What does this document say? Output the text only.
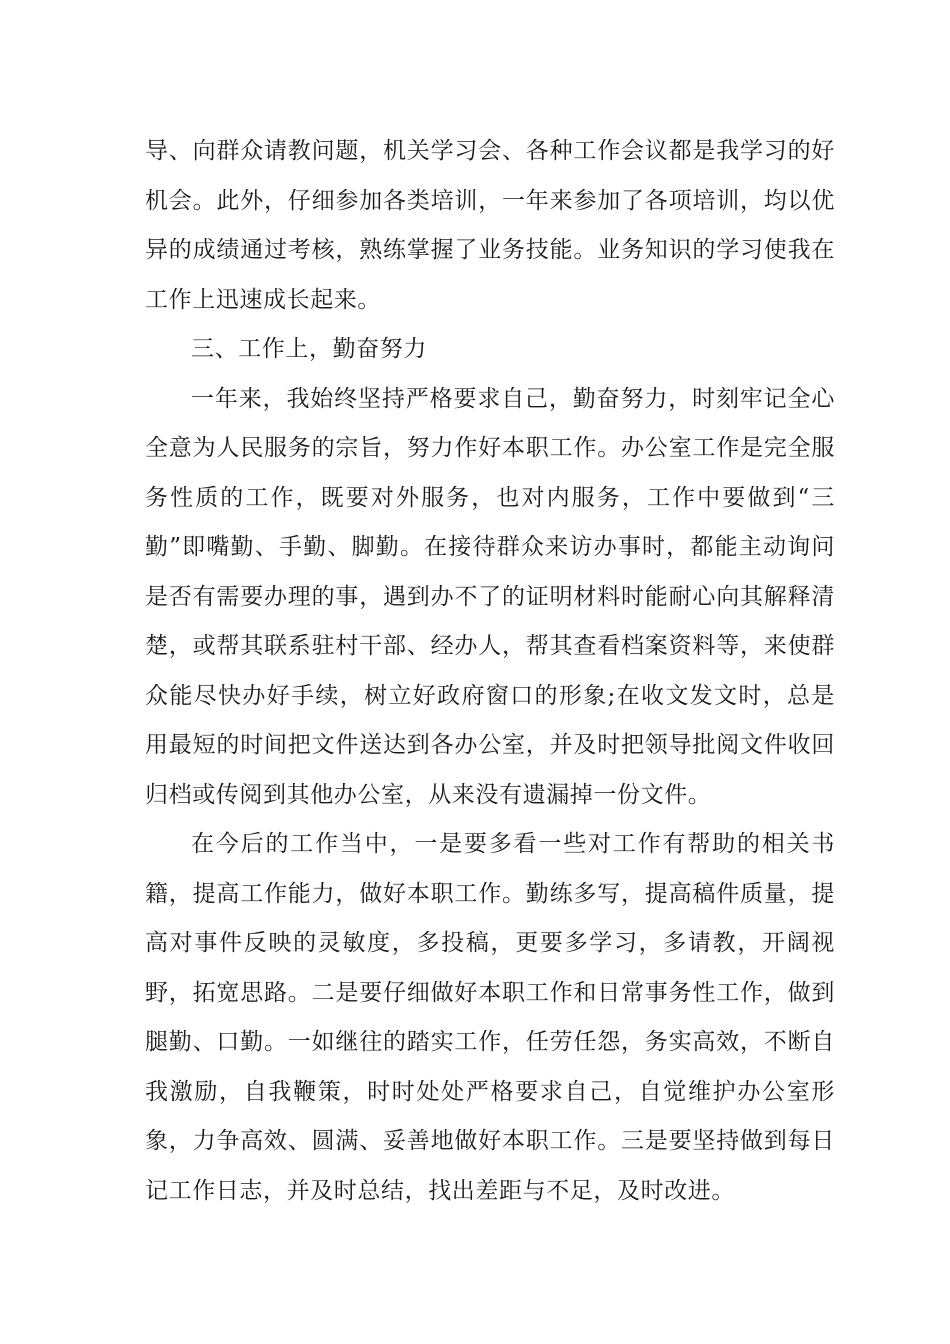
导、向群众请教问题，机关学习会、各种工作会议都是我学习的好机会。此外，仔细参加各类培训，一年来参加了各项培训，均以优异的成绩通过考核，熟练掌握了业务技能。业务知识的学习使我在工作上迅速成长起来。

三、工作上，勤奋努力

一年来，我始终坚持严格要求自己，勤奋努力，时刻牢记全心全意为人民服务的宗旨，努力作好本职工作。办公室工作是完全服务性质的工作，既要对外服务，也对内服务，工作中要做到“三勤”即嘴勤、手勤、脚勤。在接待群众来访办事时，都能主动询问是否有需要办理的事，遇到办不了的证明材料时能耐心向其解释清楚，或帮其联系驻村干部、经办人，帮其查看档案资料等，来使群众能尽快办好手续，树立好政府窗口的形象;在收文发文时，总是用最短的时间把文件送达到各办公室，并及时把领导批阅文件收回归档或传阅到其他办公室，从来没有遗漏掉一份文件。

在今后的工作当中，一是要多看一些对工作有帮助的相关书籍，提高工作能力，做好本职工作。勤练多写，提高稿件质量，提高对事件反映的灵敏度，多投稿，更要多学习，多请教，开阔视野，拓宽思路。二是要仔细做好本职工作和日常事务性工作，做到腿勤、口勤。一如继往的踏实工作，任劳任怨，务实高效，不断自我激励，自我鞭策，时时处处严格要求自己，自觉维护办公室形象，力争高效、圆满、妥善地做好本职工作。三是要坚持做到每日记工作日志，并及时总结，找出差距与不足，及时改进。
